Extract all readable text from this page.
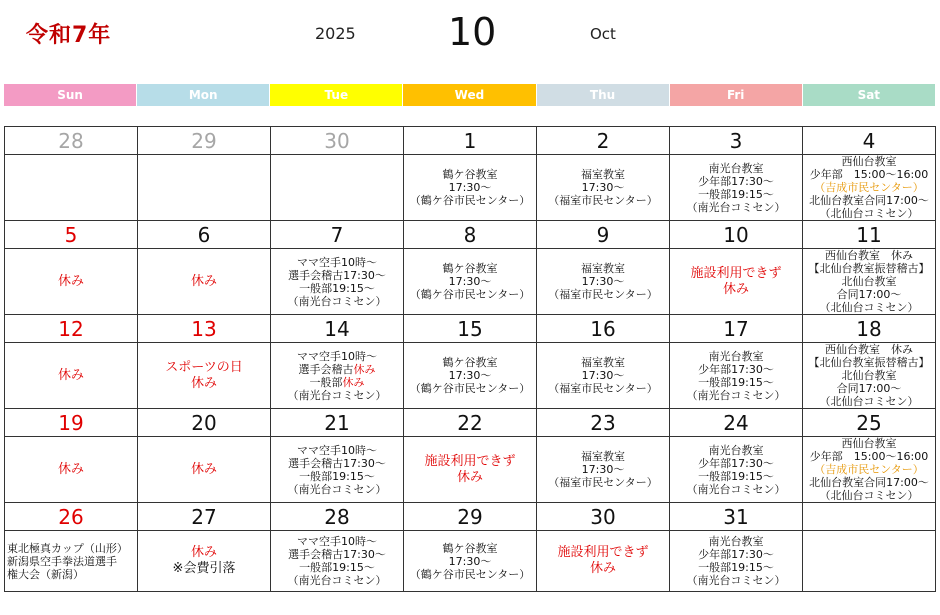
令和7年	2025 10	Oct
Sun	Mon	Tue	Wed	Thu	Fri	Sat
28	29	30	1	2	3	4

			鶴ケ谷教室
17:30～
（鶴ケ谷市民センター）	福室教室
17:30～
（福室市民センター）	南光台教室
少年部17:30～
一般部19:15～
（南光台コミセン）	西仙台教室
少年部　15:00～16:00
（吉成市民センター）
北仙台教室合同17:00～
（北仙台コミセン）

5	6	7	8	9	10	11

休み	休み	ママ空手10時～
選手会稽古17:30～
一般部19:15～
（南光台コミセン）	鶴ケ谷教室
17:30～
（鶴ケ谷市民センター）	福室教室
17:30～
（福室市民センター）	施設利用できず
休み	西仙台教室　休み
【北仙台教室振替稽古】
北仙台教室
合同17:00～
（北仙台コミセン）

12	13	14	15	16	17	18

休み	スポーツの日
休み	ママ空手10時～
選手会稽古休み
一般部休み
（南光台コミセン）	鶴ケ谷教室
17:30～
（鶴ケ谷市民センター）	福室教室
17:30～
（福室市民センター）	南光台教室
少年部17:30～
一般部19:15～
（南光台コミセン）	西仙台教室　休み
【北仙台教室振替稽古】
北仙台教室
合同17:00～
（北仙台コミセン）

19	20	21	22	23	24	25

休み	休み	ママ空手10時～
選手会稽古17:30～
一般部19:15～
（南光台コミセン）	施設利用できず
休み	福室教室
17:30～
（福室市民センター）	南光台教室
少年部17:30～
一般部19:15～
（南光台コミセン）	西仙台教室
少年部　15:00～16:00
（吉成市民センター）
北仙台教室合同17:00～
（北仙台コミセン）

26	27	28	29	30	31	

東北極真カップ（山形）
新潟県空手拳法道選手
権大会（新潟）	休み
※会費引落	ママ空手10時～
選手会稽古17:30～
一般部19:15～
（南光台コミセン）	鶴ケ谷教室
17:30～
（鶴ケ谷市民センター）	施設利用できず
休み	南光台教室
少年部17:30～
一般部19:15～
（南光台コミセン）	
